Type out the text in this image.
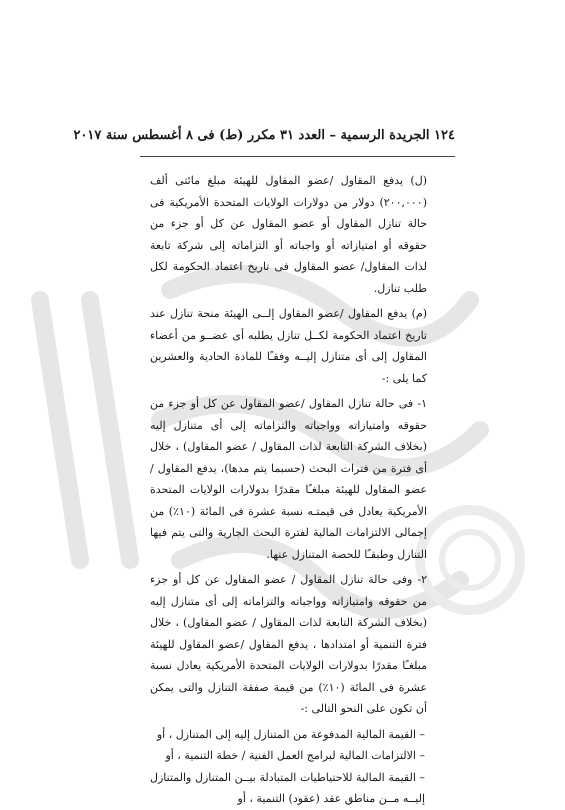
١٢٤ الجريدة الرسمية – العدد ٣١ مكرر (ط) فى ٨ أغسطس سنة ٢٠١٧

(ل) يدفع المقاول /عضو المقاول للهيئة مبلغ مائتى ألف (٢٠٠,٠٠٠) دولار من دولارات الولايات المتحدة الأمريكية فى حالة تنازل المقاول أو عضو المقاول عن كل أو جزء من حقوقه أو امتيازاته أو واجباته أو التزاماته إلى شركة تابعة لذات المقاول/ عضو المقاول فى تاريخ اعتماد الحكومة لكل طلب تنازل.

(م) يدفع المقاول /عضو المقاول إلــى الهيئة منحة تنازل عند تاريخ اعتماد الحكومة لكــل تنازل يطلبه أى عضــو من أعضاء المقاول إلى أى متنازل إليــه وفقـًا للمادة الحادية والعشرين كما يلى :-

١- فى حالة تنازل المقاول /عضو المقاول عن كل أو جزء من حقوقه وامتيازاته وواجباته والتزاماته إلى أى متنازل إليه (بخلاف الشركة التابعة لذات المقاول / عضو المقاول) ، خلال أى فترة من فترات البحث (حسبما يتم مدها)، يدفع المقاول /عضو المقاول للهيئة مبلغـًا مقدرًا بدولارات الولايات المتحدة الأمريكية يعادل فى قيمتـه نسبة عشرة فى المائة (١٠٪) من إجمالى الالتزامات المالية لفترة البحث الجارية والتى يتم فيها التنازل وطبقـًا للحصة المتنازل عنها.

٢- وفى حالة تنازل المقاول / عضو المقاول عن كل أو جزء من حقوقه وامتيازاته وواجباته والتزاماته إلى أى متنازل إليه (بخلاف الشركة التابعة لذات المقاول / عضو المقاول) ، خلال فترة التنمية أو امتدادها ، يدفع المقاول /عضو المقاول للهيئة مبلغـًا مقدرًا بدولارات الولايات المتحدة الأمريكية يعادل نسبة عشرة فى المائة (١٠٪) من قيمة صفقة التنازل والتى يمكن أن تكون على النحو التالى :-

– القيمة المالية المدفوعة من المتنازل إليه إلى المتنازل ، أو

– الالتزامات المالية لبرامج العمل الفنية / خطة التنمية ، أو

– القيمة المالية للاحتياطيات المتبادلة بيــن المتنازل والمتنازل إليــه مــن مناطق عقد (عقود) التنمية ، أو
